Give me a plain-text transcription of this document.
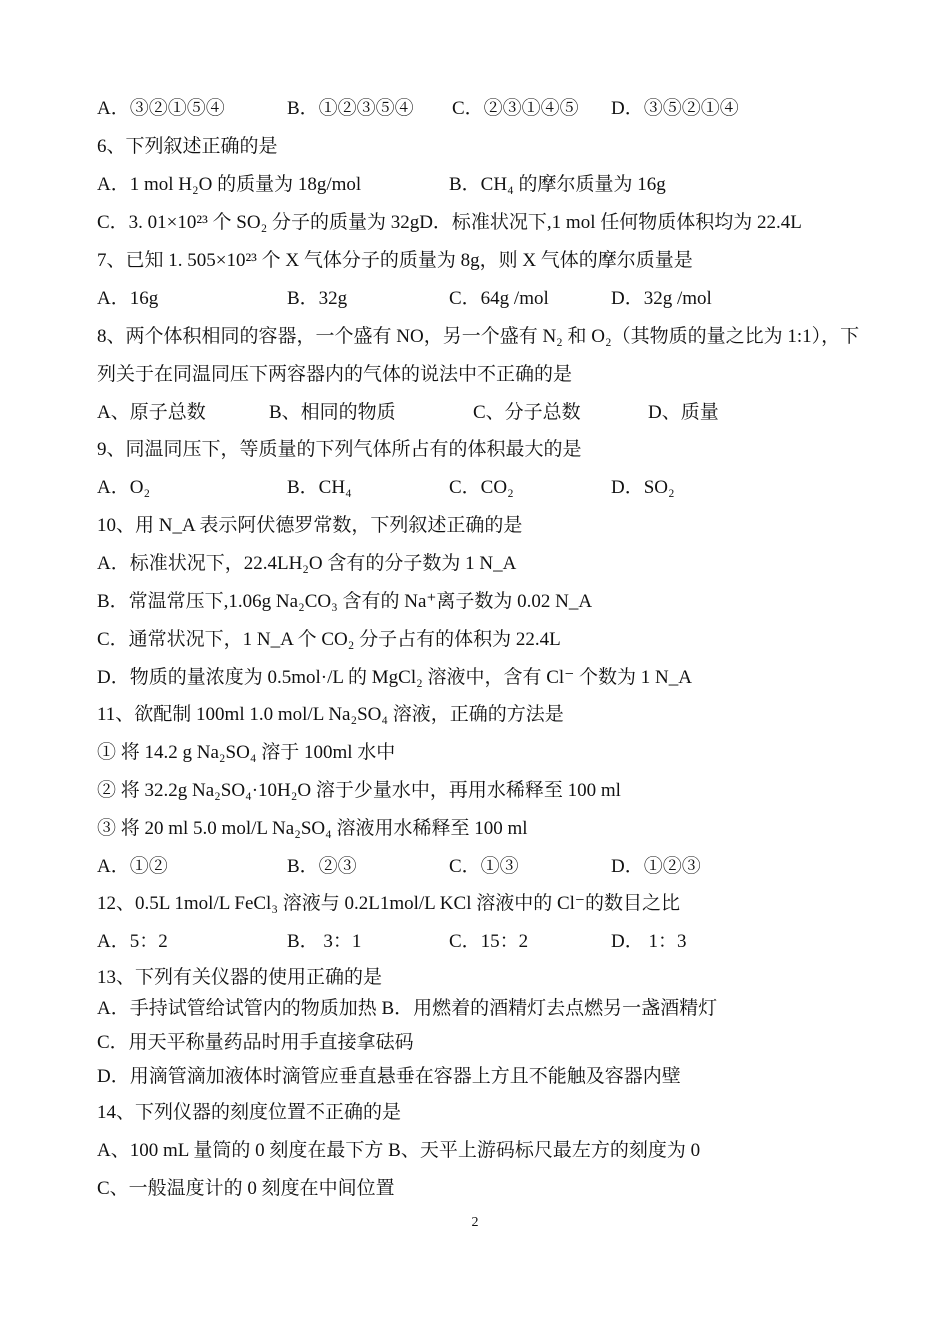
A．③②①⑤④	B．①②③⑤④ C．②③①④⑤ D．③⑤②①④
6、下列叙述正确的是
A．1 mol H₂O 的质量为 18g/mol	B．CH₄ 的摩尔质量为 16g
C．3. 01×10²³ 个 SO₂ 分子的质量为 32gD．标准状况下,1 mol 任何物质体积均为 22.4L
7、已知 1. 505×10²³ 个 X 气体分子的质量为 8g，则 X 气体的摩尔质量是
A．16g	B．32g	C．64g /mol	D．32g /mol
8、两个体积相同的容器，一个盛有 NO，另一个盛有 N₂ 和 O₂（其物质的量之比为 1:1），下
列关于在同温同压下两容器内的气体的说法中不正确的是
A、原子总数	B、相同的物质	C、分子总数	D、质量
9、同温同压下，等质量的下列气体所占有的体积最大的是
A．O₂	B．CH₄	C．CO₂	D．SO₂
10、用 N_A 表示阿伏德罗常数，下列叙述正确的是
A．标准状况下，22.4LH₂O 含有的分子数为 1 N_A
B．常温常压下,1.06g Na₂CO₃ 含有的 Na⁺离子数为 0.02 N_A
C．通常状况下，1 N_A 个 CO₂ 分子占有的体积为 22.4L
D．物质的量浓度为 0.5mol·/L 的 MgCl₂ 溶液中，含有 Cl⁻ 个数为 1 N_A
11、欲配制 100ml 1.0 mol/L Na₂SO₄ 溶液，正确的方法是
① 将 14.2 g Na₂SO₄ 溶于 100ml 水中
② 将 32.2g Na₂SO₄·10H₂O 溶于少量水中，再用水稀释至 100 ml
③ 将 20 ml 5.0 mol/L Na₂SO₄ 溶液用水稀释至 100 ml
A．①②	B．②③	C．①③	D．①②③
12、0.5L 1mol/L FeCl₃ 溶液与 0.2L1mol/L KCl 溶液中的 Cl⁻的数目之比
A．5：2	B． 3：1	C．15：2	D． 1：3
13、下列有关仪器的使用正确的是
A．手持试管给试管内的物质加热 B．用燃着的酒精灯去点燃另一盏酒精灯
C．用天平称量药品时用手直接拿砝码
D．用滴管滴加液体时滴管应垂直悬垂在容器上方且不能触及容器内壁
14、下列仪器的刻度位置不正确的是
A、100 mL 量筒的 0 刻度在最下方 B、天平上游码标尺最左方的刻度为 0
C、一般温度计的 0 刻度在中间位置
2
